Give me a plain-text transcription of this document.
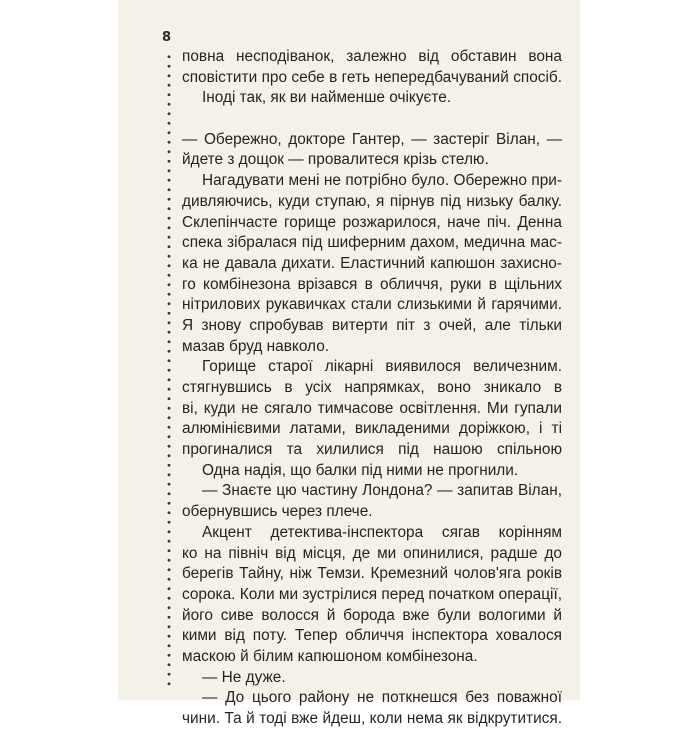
8
повна несподіванок, залежно від обставин вона
сповістити про себе в геть непередбачуваний спосіб.
Іноді так, як ви найменше очікуєте.
— Обережно, докторе Гантер, — застеріг Вілан, —
йдете з дощок — провалитеся крізь стелю.
Нагадувати мені не потрібно було. Обережно при-
дивляючись, куди ступаю, я пірнув під низьку балку.
Склепінчасте горище розжарилося, наче піч. Денна
спека зібралася під шиферним дахом, медична мас-
ка не давала дихати. Еластичний капюшон захисно-
го комбінезона врізався в обличчя, руки в щільних
нітрилових рукавичках стали слизькими й гарячими.
Я знову спробував витерти піт з очей, але тільки
мазав бруд навколо.
Горище старої лікарні виявилося величезним.
стягнувшись в усіх напрямках, воно зникало в
ві, куди не сягало тимчасове освітлення. Ми гупали
алюмінієвими латами, викладеними доріжкою, і ті
прогиналися та хилилися під нашою спільною
Одна надія, що балки під ними не прогнили.
— Знаєте цю частину Лондона? — запитав Вілан,
обернувшись через плече.
Акцент детектива-інспектора сягав корінням
ко на північ від місця, де ми опинилися, радше до
берегів Тайну, ніж Темзи. Кремезний чолов'яга років
сорока. Коли ми зустрілися перед початком операції,
його сиве волосся й борода вже були вологими й
кими від поту. Тепер обличчя інспектора ховалося
маскою й білим капюшоном комбінезона.
— Не дуже.
— До цього району не поткнешся без поважної
чини. Та й тоді вже йдеш, коли нема як відкрутитися.
